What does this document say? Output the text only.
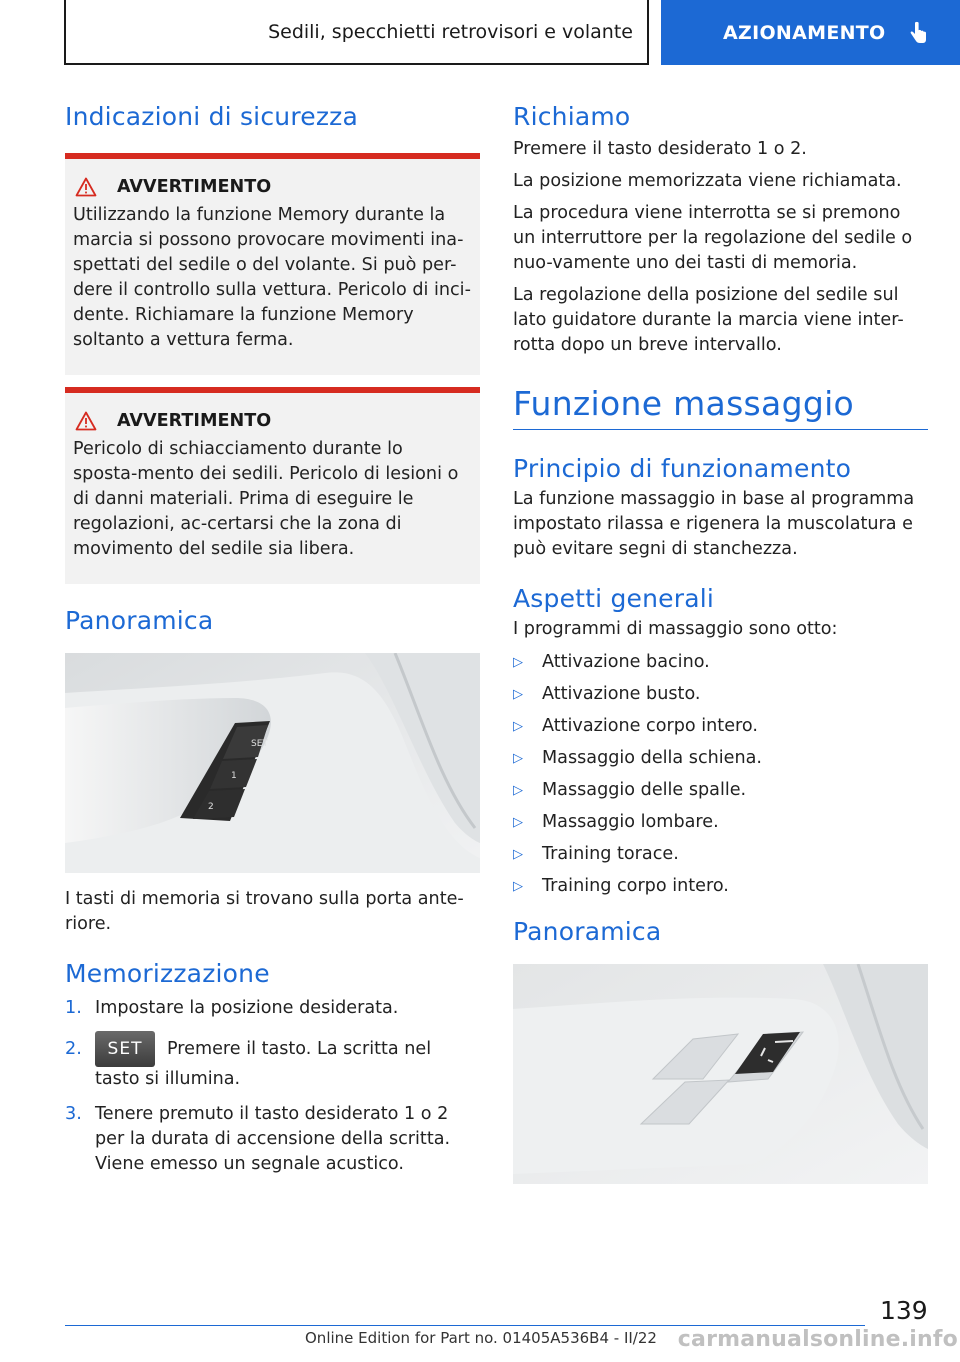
Sedili, specchietti retrovisori e volante	AZIONAMENTO
Indicazioni di sicurezza
AVVERTIMENTO

Utilizzando la funzione Memory durante la marcia si possono provocare movimenti ina-spettati del sedile o del volante. Si può per-dere il controllo sulla vettura. Pericolo di inci-dente. Richiamare la funzione Memory soltanto a vettura ferma.

AVVERTIMENTO

Pericolo di schiacciamento durante lo sposta-mento dei sedili. Pericolo di lesioni o di danni materiali. Prima di eseguire le regolazioni, ac-certarsi che la zona di movimento del sedile sia libera.

Panoramica
SET
1
2

I tasti di memoria si trovano sulla porta ante-riore.

Memorizzazione
1. Impostare la posizione desiderata.
2.	SET Premere il tasto. La scritta nel tasto si illumina.
3. Tenere premuto il tasto desiderato 1 o 2 per la durata di accensione della scritta. Viene emesso un segnale acustico.
Richiamo

Premere il tasto desiderato 1 o 2.

La posizione memorizzata viene richiamata.

La procedura viene interrotta se si premono un interruttore per la regolazione del sedile o nuo-vamente uno dei tasti di memoria.

La regolazione della posizione del sedile sul lato guidatore durante la marcia viene inter-rotta dopo un breve intervallo.

Funzione massaggio
Principio di funzionamento

La funzione massaggio in base al programma impostato rilassa e rigenera la muscolatura e può evitare segni di stanchezza.

Aspetti generali

I programmi di massaggio sono otto:

▷	Attivazione bacino.
▷	Attivazione busto.
▷	Attivazione corpo intero.
▷	Massaggio della schiena.
▷	Massaggio delle spalle.
▷	Massaggio lombare.
▷	Training torace.
▷	Training corpo intero.
Panoramica
139
Online Edition for Part no. 01405A536B4 - II/22 carmanualsonline.info
